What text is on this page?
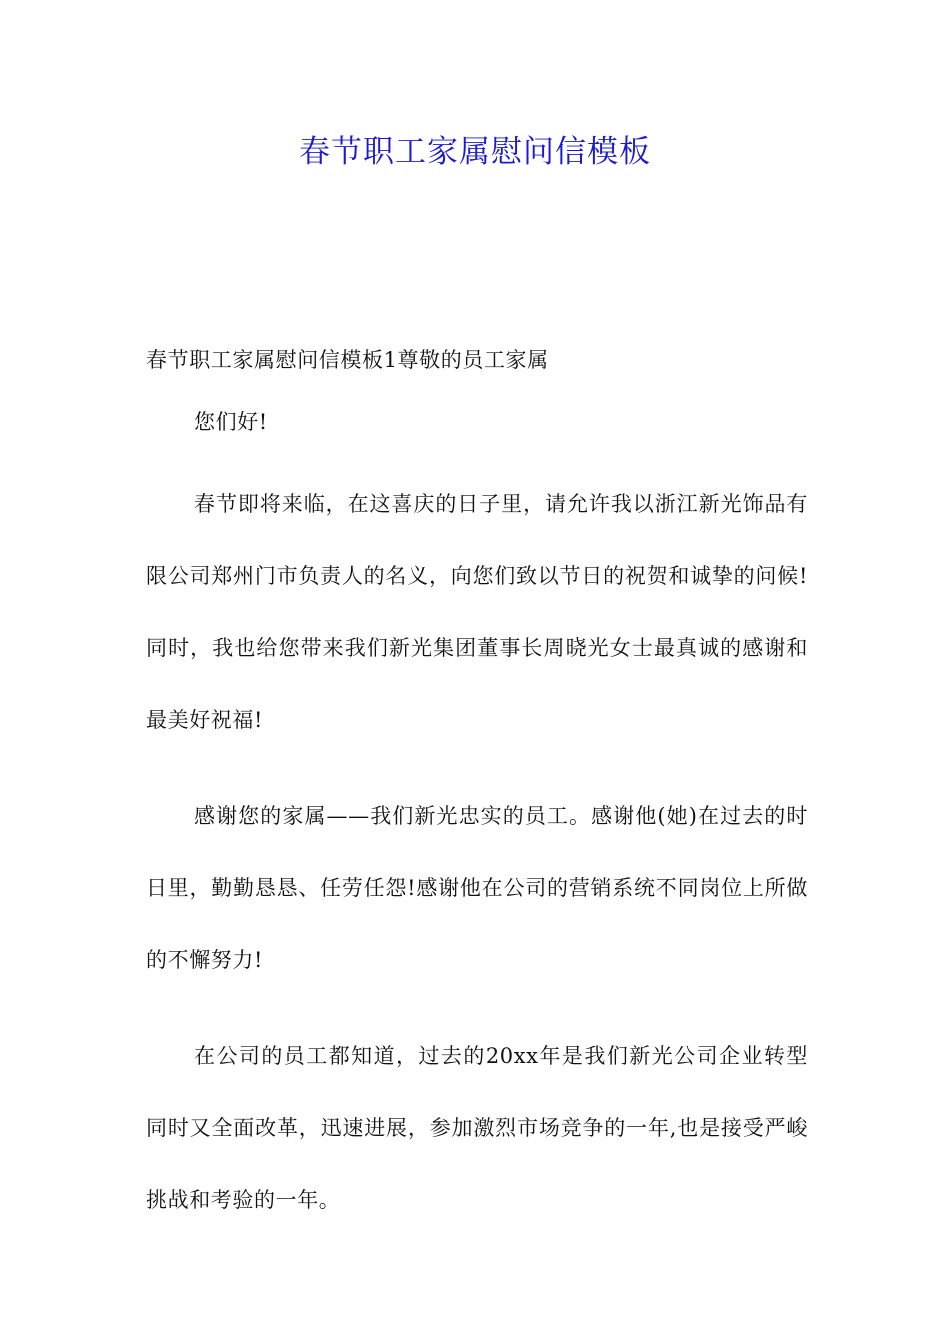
春节职工家属慰问信模板

春节职工家属慰问信模板1尊敬的员工家属

您们好!

春节即将来临，在这喜庆的日子里，请允许我以浙江新光饰品有限公司郑州门市负责人的名义，向您们致以节日的祝贺和诚挚的问候!同时，我也给您带来我们新光集团董事长周晓光女士最真诚的感谢和最美好祝福!

感谢您的家属——我们新光忠实的员工。感谢他(她)在过去的时日里，勤勤恳恳、任劳任怨!感谢他在公司的营销系统不同岗位上所做的不懈努力!

在公司的员工都知道，过去的20xx年是我们新光公司企业转型同时又全面改革，迅速进展，参加激烈市场竞争的一年,也是接受严峻挑战和考验的一年。
